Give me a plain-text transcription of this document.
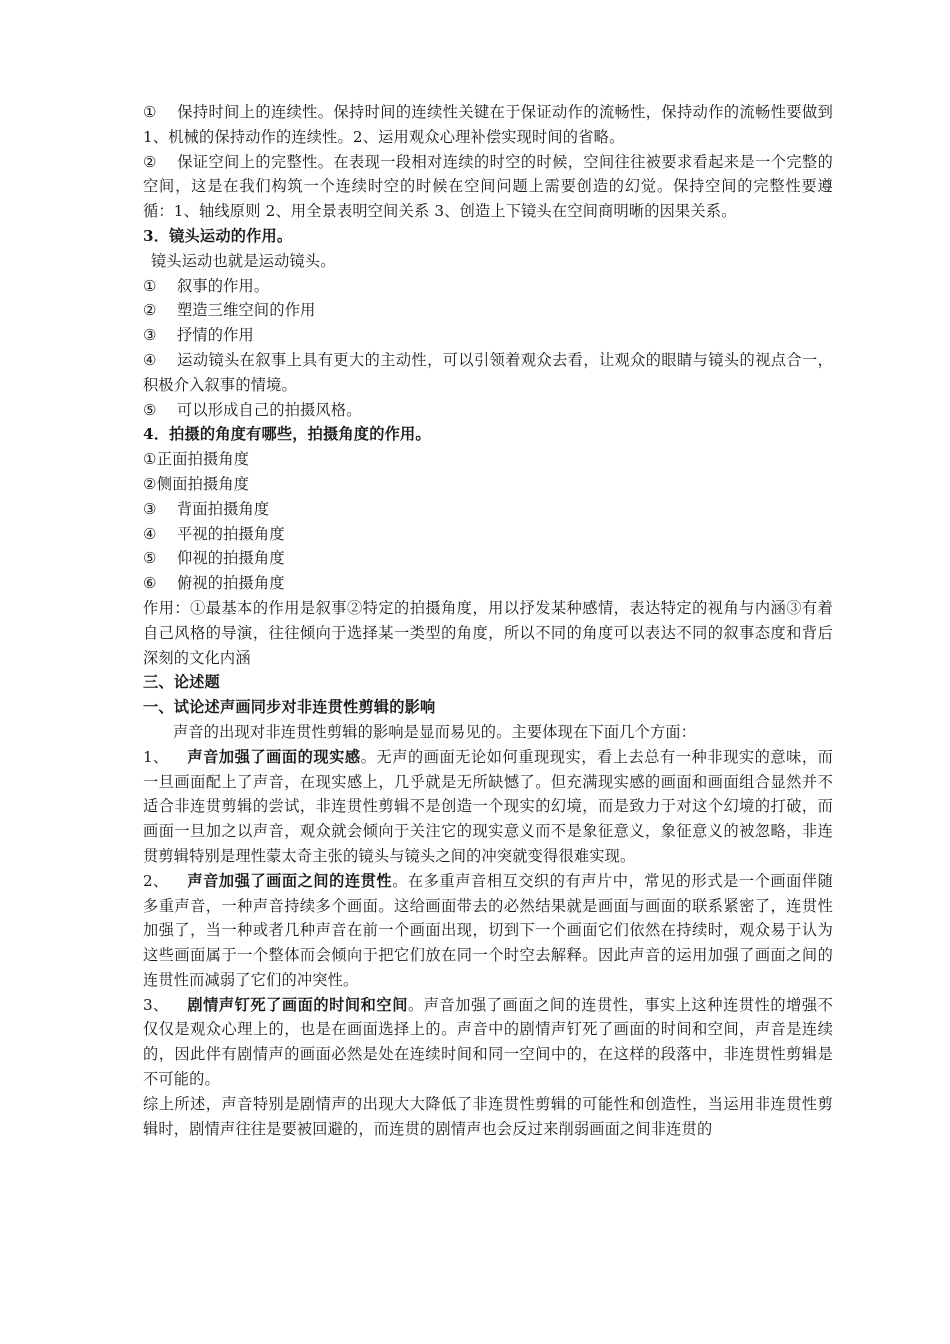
① 保持时间上的连续性。保持时间的连续性关键在于保证动作的流畅性，保持动作的流畅性要做到 1、机械的保持动作的连续性。2、运用观众心理补偿实现时间的省略。

② 保证空间上的完整性。在表现一段相对连续的时空的时候，空间往往被要求看起来是一个完整的空间，这是在我们构筑一个连续时空的时候在空间问题上需要创造的幻觉。保持空间的完整性要遵循：1、轴线原则 2、用全景表明空间关系 3、创造上下镜头在空间商明晰的因果关系。

3．镜头运动的作用。

镜头运动也就是运动镜头。

① 叙事的作用。

② 塑造三维空间的作用

③ 抒情的作用

④ 运动镜头在叙事上具有更大的主动性，可以引领着观众去看，让观众的眼睛与镜头的视点合一，积极介入叙事的情境。

⑤ 可以形成自己的拍摄风格。

4．拍摄的角度有哪些，拍摄角度的作用。

①正面拍摄角度

②侧面拍摄角度

③ 背面拍摄角度

④ 平视的拍摄角度

⑤ 仰视的拍摄角度

⑥ 俯视的拍摄角度

作用：①最基本的作用是叙事②特定的拍摄角度，用以抒发某种感情，表达特定的视角与内涵③有着自己风格的导演，往往倾向于选择某一类型的角度，所以不同的角度可以表达不同的叙事态度和背后深刻的文化内涵

三、论述题

一、试论述声画同步对非连贯性剪辑的影响

声音的出现对非连贯性剪辑的影响是显而易见的。主要体现在下面几个方面：

1、 声音加强了画面的现实感。无声的画面无论如何重现现实，看上去总有一种非现实的意味，而一旦画面配上了声音，在现实感上，几乎就是无所缺憾了。但充满现实感的画面和画面组合显然并不适合非连贯剪辑的尝试，非连贯性剪辑不是创造一个现实的幻境，而是致力于对这个幻境的打破，而画面一旦加之以声音，观众就会倾向于关注它的现实意义而不是象征意义，象征意义的被忽略，非连贯剪辑特别是理性蒙太奇主张的镜头与镜头之间的冲突就变得很难实现。

2、 声音加强了画面之间的连贯性。在多重声音相互交织的有声片中，常见的形式是一个画面伴随多重声音，一种声音持续多个画面。这给画面带去的必然结果就是画面与画面的联系紧密了，连贯性加强了，当一种或者几种声音在前一个画面出现，切到下一个画面它们依然在持续时，观众易于认为这些画面属于一个整体而会倾向于把它们放在同一个时空去解释。因此声音的运用加强了画面之间的连贯性而减弱了它们的冲突性。

3、 剧情声钉死了画面的时间和空间。声音加强了画面之间的连贯性，事实上这种连贯性的增强不仅仅是观众心理上的，也是在画面选择上的。声音中的剧情声钉死了画面的时间和空间，声音是连续的，因此伴有剧情声的画面必然是处在连续时间和同一空间中的，在这样的段落中，非连贯性剪辑是不可能的。

综上所述，声音特别是剧情声的出现大大降低了非连贯性剪辑的可能性和创造性，当运用非连贯性剪辑时，剧情声往往是要被回避的，而连贯的剧情声也会反过来削弱画面之间非连贯的
